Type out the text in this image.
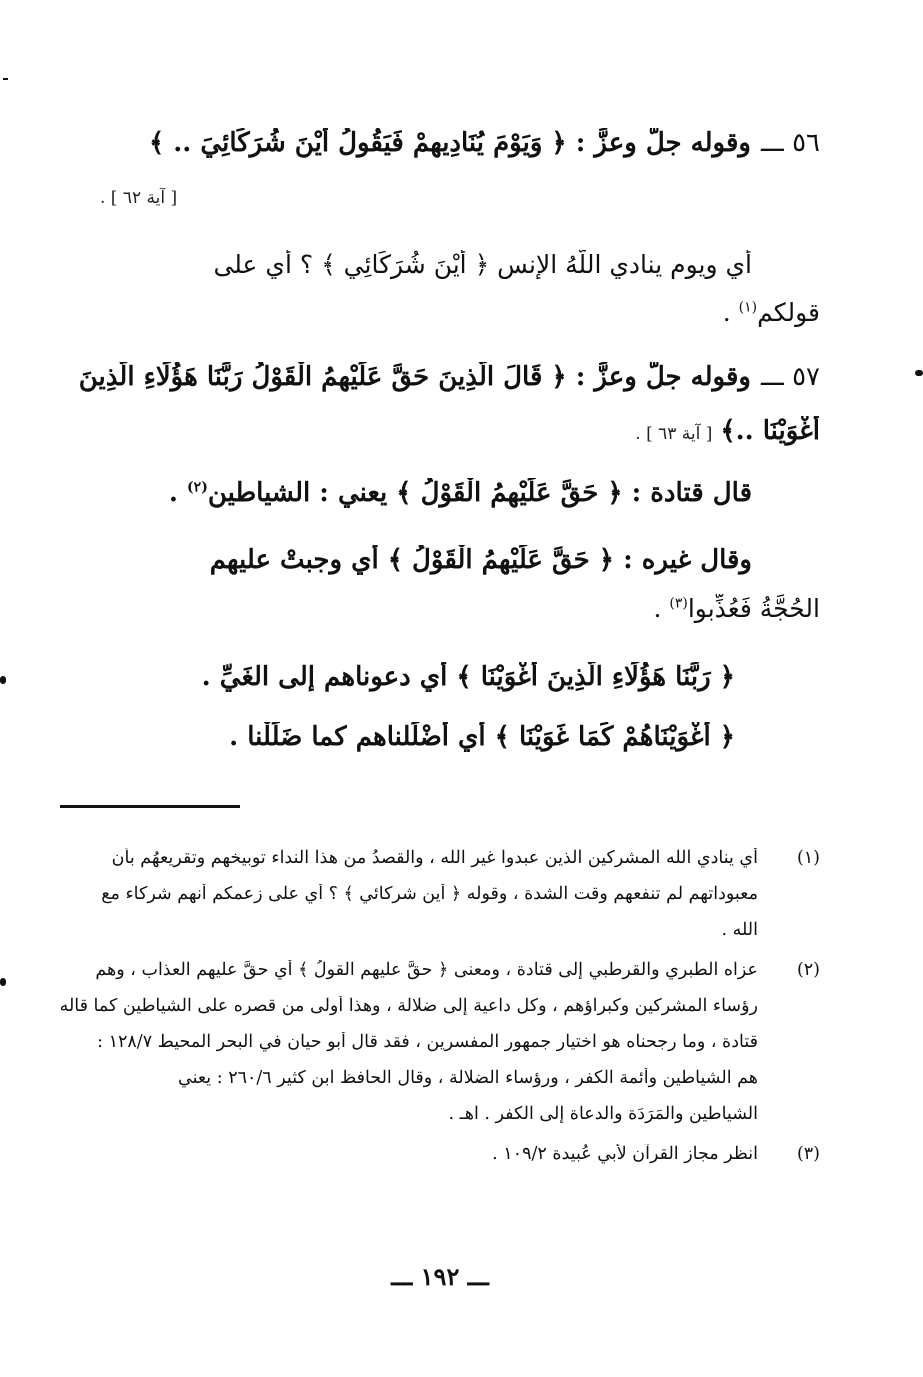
٥٦ ـــوقوله جلّ وعزَّ : ﴿ وَيَوْمَ يُنَادِيهِمْ فَيَقُولُ أَيْنَ شُرَكَائِيَ .. ﴾
[ آية ٦٢ ] .
أي ويوم ينادي اللّهُ الإنس ﴿ أَيْنَ شُرَكَائِي ﴾ ؟ أي على
قولكم$^{(١)}$ .
٥٧ ـــوقوله جلّ وعزَّ : ﴿ قَالَ الَّذِينَ حَقَّ عَلَيْهِمُ الْقَوْلُ رَبَّنَا هَؤُلَاءِ الَّذِينَ
أَغْوَيْنَا ..﴾ [ آية ٦٣ ] .
قال قتادة : ﴿ حَقَّ عَلَيْهِمُ الْقَوْلُ ﴾ يعني : الشياطين$^{(٢)}$ .
وقال غيره : ﴿ حَقَّ عَلَيْهِمُ الْقَوْلُ ﴾ أي وجبتْ عليهم
الحُجَّةُ فَعُذِّبوا$^{(٣)}$ .
﴿ رَبَّنَا هَؤُلَاءِ الَّذِينَ أَغْوَيْنَا ﴾ أي دعوناهم إلى الغَيِّ .
﴿ أَغْوَيْنَاهُمْ كَمَا غَوَيْنَا ﴾ أي أَضْلَلناهم كما ضَلَلْنا .
(١)
أي ينادي الله المشركين الذين عبدوا غير الله ، والقصدُ من هذا النداء توبيخهم وتقريعهُم بأن
معبوداتهم لم تنفعهم وقت الشدة ، وقوله ﴿ أين شركائي ﴾ ؟ أي على زعمكم أنهم شركاء مع
الله .
(٢)
عزاه الطبري والقرطبي إلى قتادة ، ومعنى ﴿ حقَّ عليهم القولُ ﴾ أي حقَّ عليهم العذاب ، وهم
رؤساء المشركين وكبراؤهم ، وكل داعية إلى ضلالة ، وهذا أولى من قصره على الشياطين كما قاله
قتادة ، وما رجحناه هو اختيار جمهور المفسرين ، فقد قال أبو حيان في البحر المحيط ١٢٨/٧ :
هم الشياطين وأئمة الكفر ، ورؤساء الضلالة ، وقال الحافظ ابن كثير ٢٦٠/٦ : يعني
الشياطين والمَرَدَة والدعاة إلى الكفر . اهـ .
(٣)
انظر مجاز القرآن لأبي عُبيدة ١٠٩/٢ .
ـــ ١٩٢ ـــ
